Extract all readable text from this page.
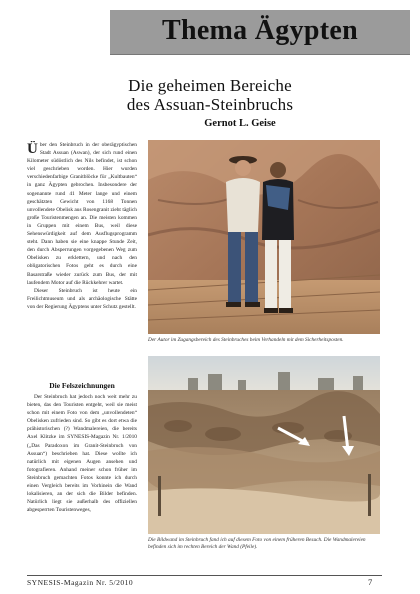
Thema Ägypten
Die geheimen Bereiche
des Assuan-Steinbruchs
Gernot L. Geise

Über den Steinbruch in der oberägyptischen Stadt Assuan (Aswan), der sich rund einen Kilometer südöstlich des Nils befindet, ist schon viel geschrieben worden. Hier wurden verschiedenfarbige Granitblöcke für „Kultbauten“ in ganz Ägypten gebrochen. Insbesondere der sogenannte rund 41 Meter lange und einem geschätzten Gewicht von 1168 Tonnen unvollendete Obelisk aus Rosengranit zieht täglich große Touristenmengen an. Die meisten kommen in Gruppen mit einem Bus, weil diese Sehenswürdigkeit auf dem Ausflugsprogramm steht. Dann haben sie eine knappe Stunde Zeit, den durch Absperrungen vorgegebenen Weg zum Obelisken zu erklettern, und nach den obligatorischen Fotos geht es durch eine Basarstraße wieder zurück zum Bus, der mit laufendem Motor auf die Rückkehrer wartet.

Dieser Steinbruch ist heute ein Freilichtmuseum und als archäologische Stätte von der Regierung Ägyptens unter Schutz gestellt.

Die Felszeichnungen

Der Steinbruch hat jedoch noch weit mehr zu bieten, das den Touristen entgeht, weil sie meist schon mit einem Foto von dem „unvollendeten“ Obelisken zufrieden sind. So gibt es dort etwa die prähistorischen (?) Wandmalereien, die bereits Axel Klitzke im SYNESIS-Magazin Nr. 1/2010 („Das Paradoxon im Granit-Steinbruch von Assuan“) beschrieben hat. Diese wollte ich natürlich mit eigenen Augen ansehen und fotografieren. Anhand meiner schon früher im Steinbruch gemachten Fotos konnte ich durch einen Vergleich bereits im Vorhinein die Wand lokalisieren, an der sich die Bilder befinden. Natürlich liegt sie außerhalb des offiziellen abgesperrten Touristenweges,

Der Autor im Zugangsbereich des Steinbruches beim Verhandeln mit dem Sicherheitsposten.
Die Bildwand im Steinbruch fand ich auf diesem Foto von einem früheren Besuch. Die Wandmalereien befinden sich im rechten Bereich der Wand (Pfeile).
SYNESIS-Magazin Nr. 5/2010	7
